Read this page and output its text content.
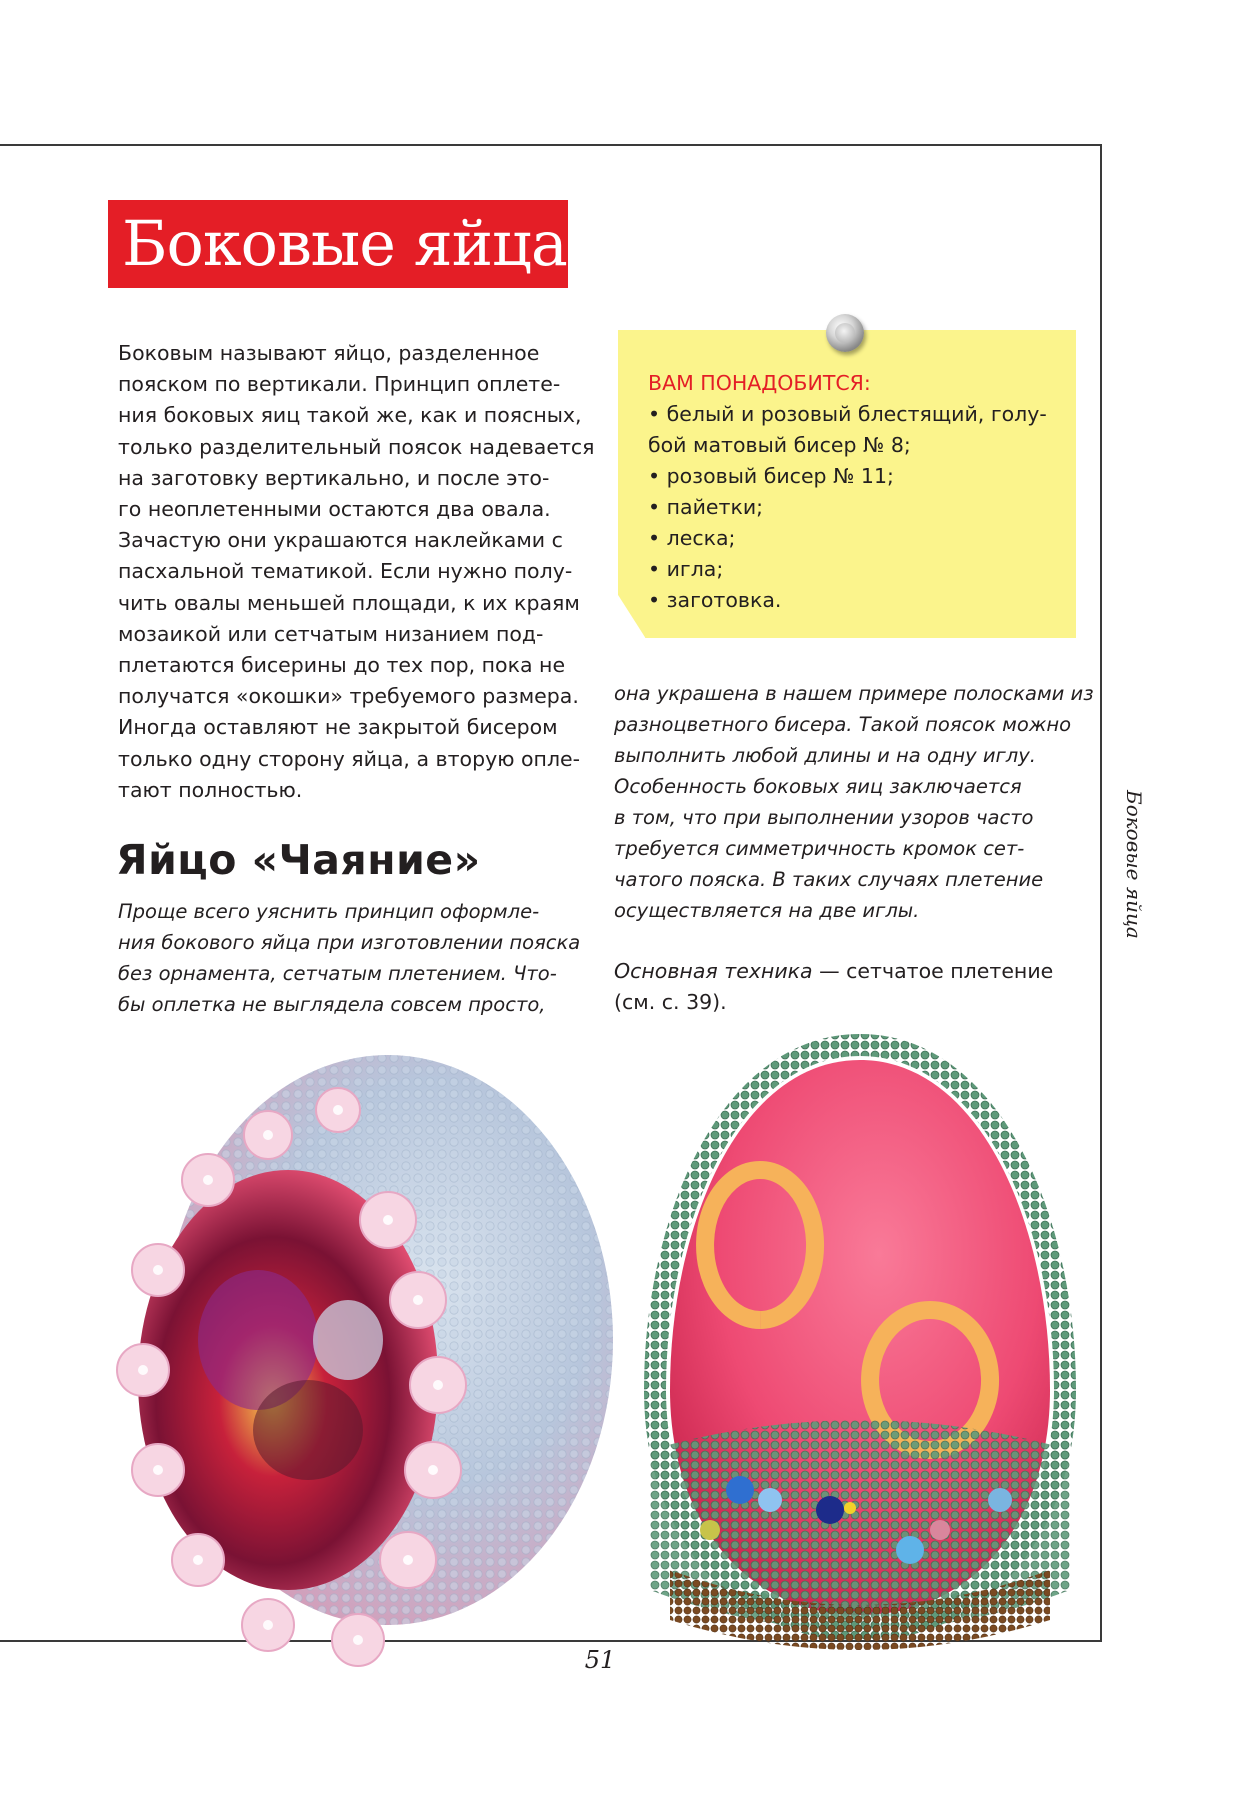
Боковые яйца
Боковым называют яйцо, разделенное
пояском по вертикали. Принцип оплете-
ния боковых яиц такой же, как и поясных,
только разделительный поясок надевается
на заготовку вертикально, и после это-
го неоплетенными остаются два овала.
Зачастую они украшаются наклейками с
пасхальной тематикой. Если нужно полу-
чить овалы меньшей площади, к их краям
мозаикой или сетчатым низанием под-
плетаются бисерины до тех пор, пока не
получатся «окошки» требуемого размера.
Иногда оставляют не закрытой бисером
только одну сторону яйца, а вторую опле-
тают полностью.
ВАМ ПОНАДОБИТСЯ:
• белый и розовый блестящий, голу-
бой матовый бисер № 8;
• розовый бисер № 11;
• пайетки;
• леска;
• игла;
• заготовка.
Яйцо «Чаяние»
Проще всего уяснить принцип оформле-
ния бокового яйца при изготовлении пояска
без орнамента, сетчатым плетением. Что-
бы оплетка не выглядела совсем просто,
она украшена в нашем примере полосками из
разноцветного бисера. Такой поясок можно
выполнить любой длины и на одну иглу.
Особенность боковых яиц заключается
в том, что при выполнении узоров часто
требуется симметричность кромок сет-
чатого пояска. В таких случаях плетение
осуществляется на две иглы.
Основная техника — сетчатое плетение
(см. с. 39).
Боковые яйца
51
